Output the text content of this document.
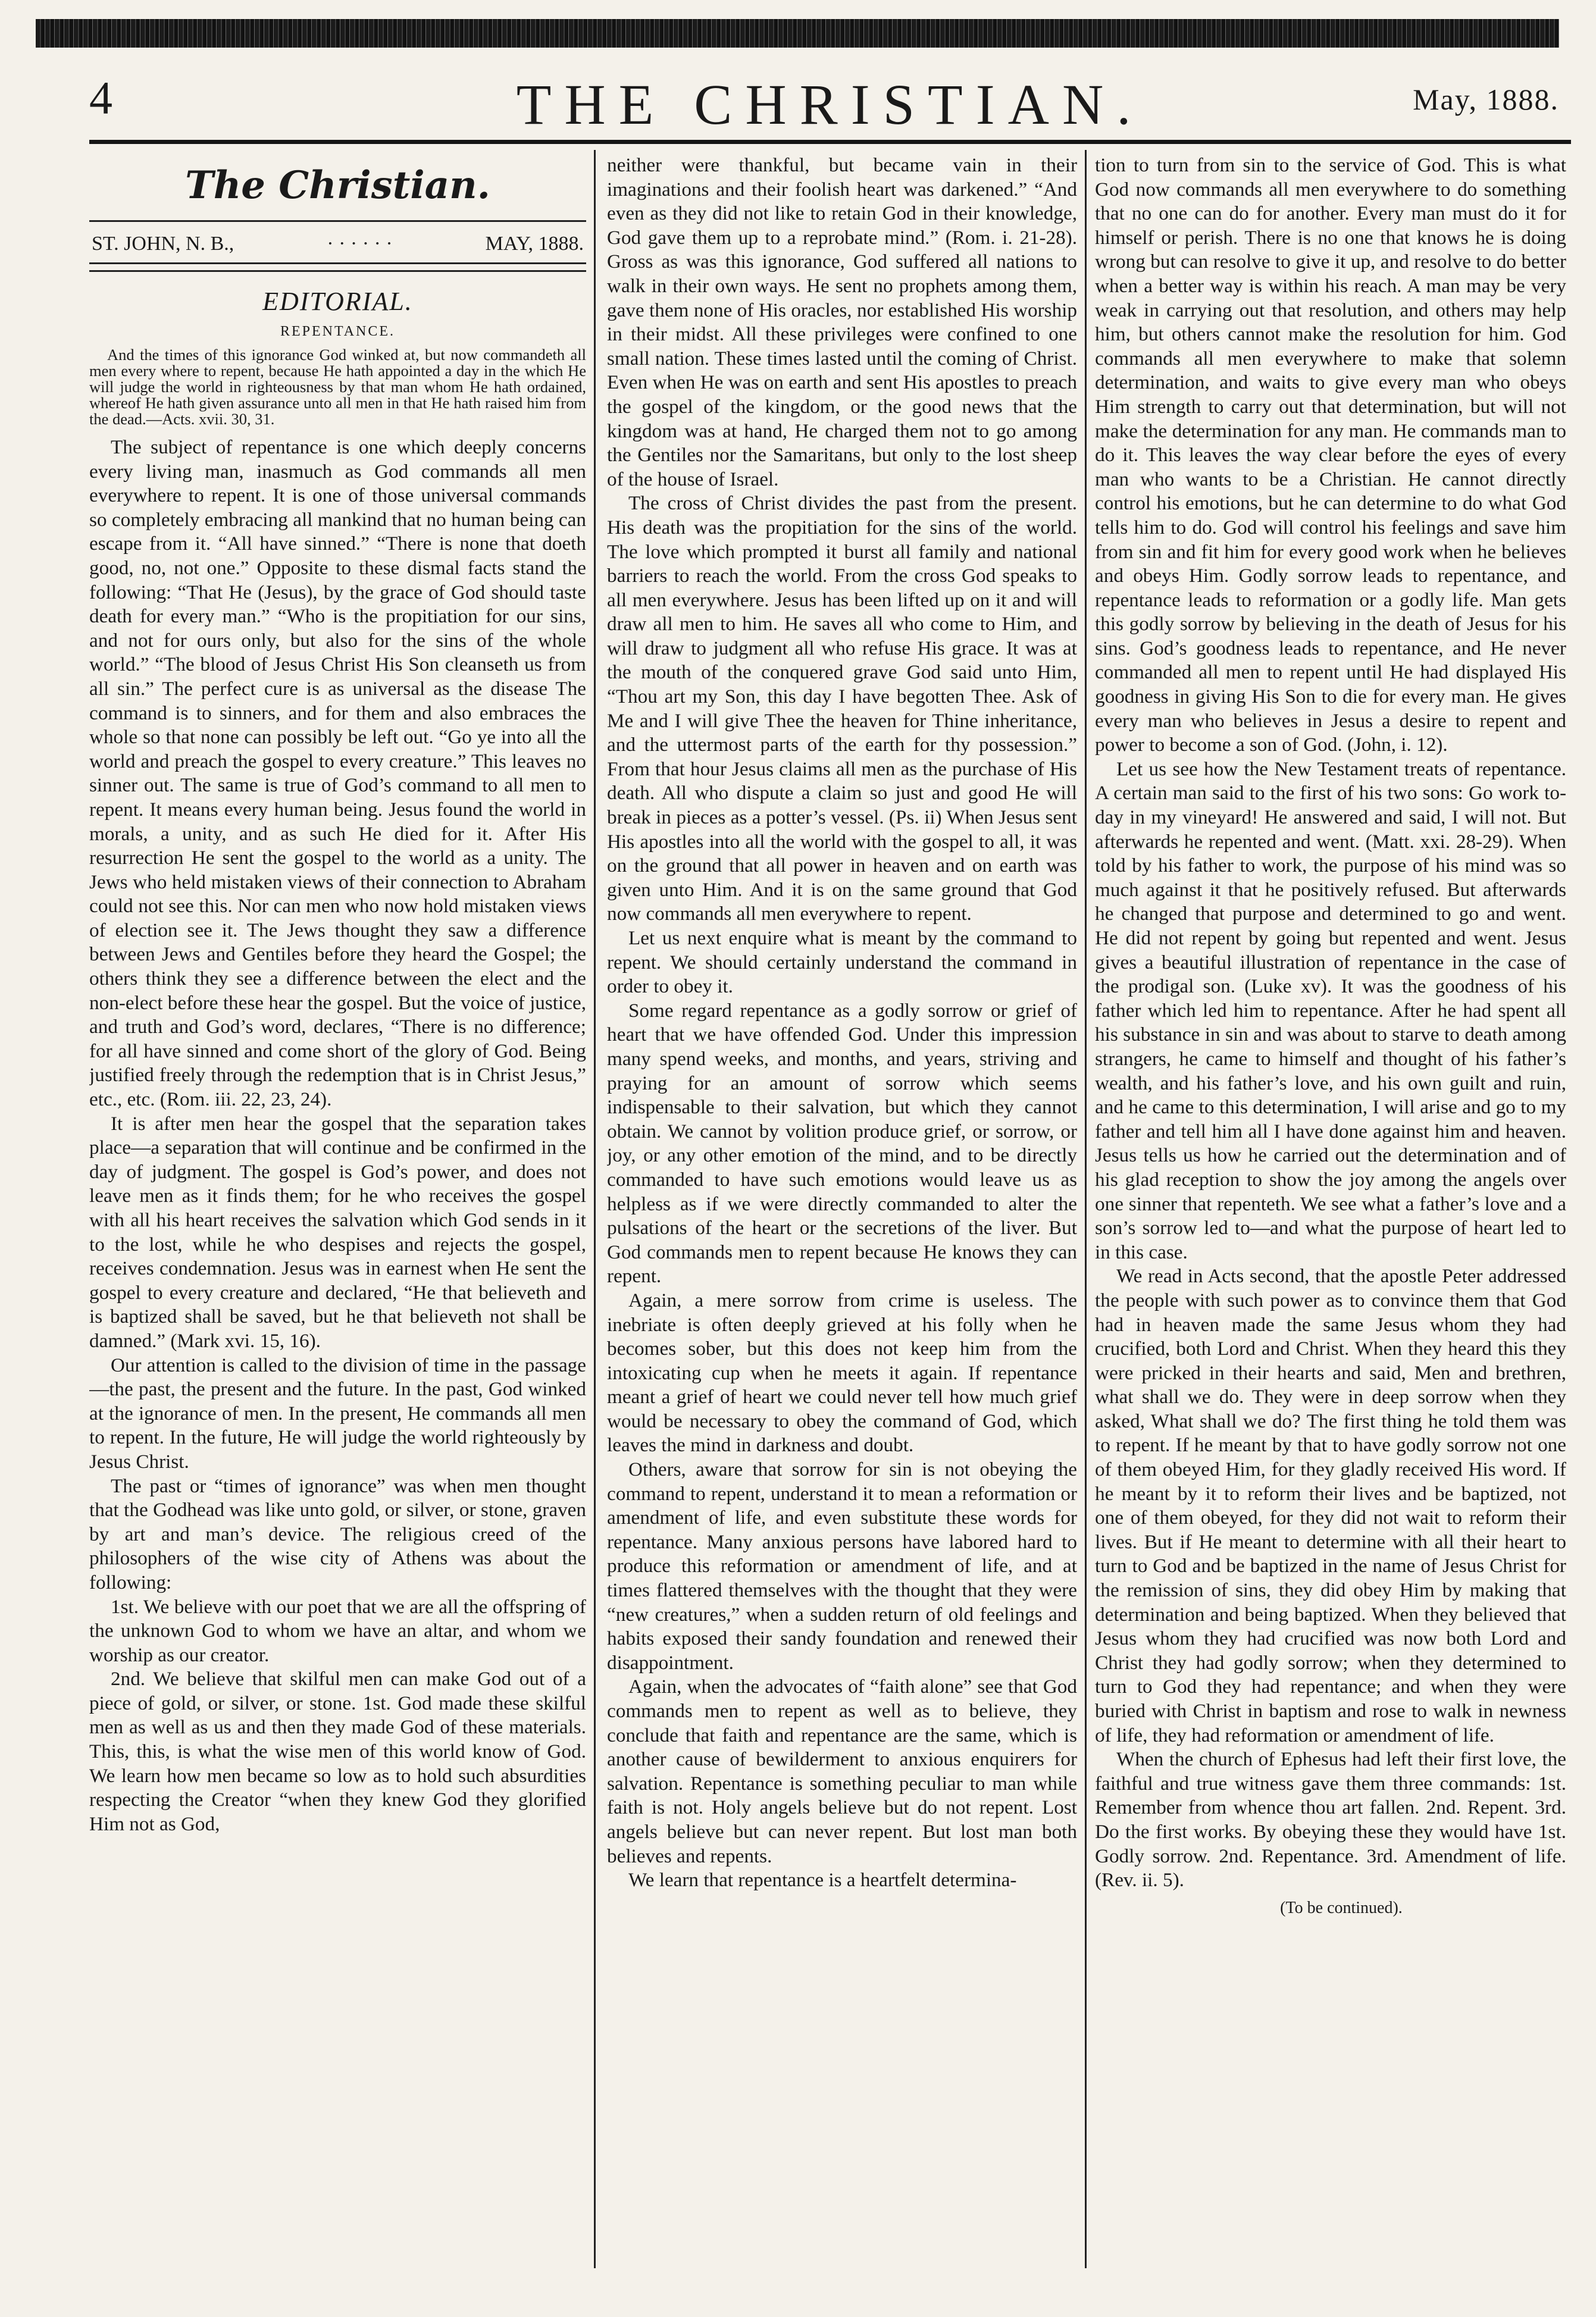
4	THE CHRISTIAN.	May, 1888.
The Christian.
ST. JOHN, N. B.,	· · · · · ·	MAY, 1888.
EDITORIAL.
REPENTANCE.

And the times of this ignorance God winked at, but now commandeth all men every where to repent, because He hath appointed a day in the which He will judge the world in righteousness by that man whom He hath ordained, whereof He hath given assurance unto all men in that He hath raised him from the dead.—Acts. xvii. 30, 31.

The subject of repentance is one which deeply concerns every living man, inasmuch as God commands all men everywhere to repent. It is one of those universal commands so completely embracing all mankind that no human being can escape from it. “All have sinned.” “There is none that doeth good, no, not one.” Opposite to these dismal facts stand the following: “That He (Jesus), by the grace of God should taste death for every man.” “Who is the propitiation for our sins, and not for ours only, but also for the sins of the whole world.” “The blood of Jesus Christ His Son cleanseth us from all sin.” The perfect cure is as universal as the disease The command is to sinners, and for them and also embraces the whole so that none can possibly be left out. “Go ye into all the world and preach the gospel to every creature.” This leaves no sinner out. The same is true of God’s command to all men to repent. It means every human being. Jesus found the world in morals, a unity, and as such He died for it. After His resurrection He sent the gospel to the world as a unity. The Jews who held mistaken views of their connection to Abraham could not see this. Nor can men who now hold mistaken views of election see it. The Jews thought they saw a difference between Jews and Gentiles before they heard the Gospel; the others think they see a difference between the elect and the non-elect before these hear the gospel. But the voice of justice, and truth and God’s word, declares, “There is no difference; for all have sinned and come short of the glory of God. Being justified freely through the redemption that is in Christ Jesus,” etc., etc. (Rom. iii. 22, 23, 24).

It is after men hear the gospel that the separation takes place—a separation that will continue and be confirmed in the day of judgment. The gospel is God’s power, and does not leave men as it finds them; for he who receives the gospel with all his heart receives the salvation which God sends in it to the lost, while he who despises and rejects the gospel, receives condemnation. Jesus was in earnest when He sent the gospel to every creature and declared, “He that believeth and is baptized shall be saved, but he that believeth not shall be damned.” (Mark xvi. 15, 16).

Our attention is called to the division of time in the passage—the past, the present and the future. In the past, God winked at the ignorance of men. In the present, He commands all men to repent. In the future, He will judge the world righteously by Jesus Christ.

The past or “times of ignorance” was when men thought that the Godhead was like unto gold, or silver, or stone, graven by art and man’s device. The religious creed of the philosophers of the wise city of Athens was about the following:

1st. We believe with our poet that we are all the offspring of the unknown God to whom we have an altar, and whom we worship as our creator.

2nd. We believe that skilful men can make God out of a piece of gold, or silver, or stone. 1st. God made these skilful men as well as us and then they made God of these materials. This, this, is what the wise men of this world know of God. We learn how men became so low as to hold such absurdities respecting the Creator “when they knew God they glorified Him not as God,

neither were thankful, but became vain in their imaginations and their foolish heart was darkened.” “And even as they did not like to retain God in their knowledge, God gave them up to a reprobate mind.” (Rom. i. 21-28). Gross as was this ignorance, God suffered all nations to walk in their own ways. He sent no prophets among them, gave them none of His oracles, nor established His worship in their midst. All these privileges were confined to one small nation. These times lasted until the coming of Christ. Even when He was on earth and sent His apostles to preach the gospel of the kingdom, or the good news that the kingdom was at hand, He charged them not to go among the Gentiles nor the Samaritans, but only to the lost sheep of the house of Israel.

The cross of Christ divides the past from the present. His death was the propitiation for the sins of the world. The love which prompted it burst all family and national barriers to reach the world. From the cross God speaks to all men everywhere. Jesus has been lifted up on it and will draw all men to him. He saves all who come to Him, and will draw to judgment all who refuse His grace. It was at the mouth of the conquered grave God said unto Him, “Thou art my Son, this day I have begotten Thee. Ask of Me and I will give Thee the heaven for Thine inheritance, and the uttermost parts of the earth for thy possession.” From that hour Jesus claims all men as the purchase of His death. All who dispute a claim so just and good He will break in pieces as a potter’s vessel. (Ps. ii) When Jesus sent His apostles into all the world with the gospel to all, it was on the ground that all power in heaven and on earth was given unto Him. And it is on the same ground that God now commands all men everywhere to repent.

Let us next enquire what is meant by the command to repent. We should certainly understand the command in order to obey it.

Some regard repentance as a godly sorrow or grief of heart that we have offended God. Under this impression many spend weeks, and months, and years, striving and praying for an amount of sorrow which seems indispensable to their salvation, but which they cannot obtain. We cannot by volition produce grief, or sorrow, or joy, or any other emotion of the mind, and to be directly commanded to have such emotions would leave us as helpless as if we were directly commanded to alter the pulsations of the heart or the secretions of the liver. But God commands men to repent because He knows they can repent.

Again, a mere sorrow from crime is useless. The inebriate is often deeply grieved at his folly when he becomes sober, but this does not keep him from the intoxicating cup when he meets it again. If repentance meant a grief of heart we could never tell how much grief would be necessary to obey the command of God, which leaves the mind in darkness and doubt.

Others, aware that sorrow for sin is not obeying the command to repent, understand it to mean a reformation or amendment of life, and even substitute these words for repentance. Many anxious persons have labored hard to produce this reformation or amendment of life, and at times flattered themselves with the thought that they were “new creatures,” when a sudden return of old feelings and habits exposed their sandy foundation and renewed their disappointment.

Again, when the advocates of “faith alone” see that God commands men to repent as well as to believe, they conclude that faith and repentance are the same, which is another cause of bewilderment to anxious enquirers for salvation. Repentance is something peculiar to man while faith is not. Holy angels believe but do not repent. Lost angels believe but can never repent. But lost man both believes and repents.

We learn that repentance is a heartfelt determina-

tion to turn from sin to the service of God. This is what God now commands all men everywhere to do something that no one can do for another. Every man must do it for himself or perish. There is no one that knows he is doing wrong but can resolve to give it up, and resolve to do better when a better way is within his reach. A man may be very weak in carrying out that resolution, and others may help him, but others cannot make the resolution for him. God commands all men everywhere to make that solemn determination, and waits to give every man who obeys Him strength to carry out that determination, but will not make the determination for any man. He commands man to do it. This leaves the way clear before the eyes of every man who wants to be a Christian. He cannot directly control his emotions, but he can determine to do what God tells him to do. God will control his feelings and save him from sin and fit him for every good work when he believes and obeys Him. Godly sorrow leads to repentance, and repentance leads to reformation or a godly life. Man gets this godly sorrow by believing in the death of Jesus for his sins. God’s goodness leads to repentance, and He never commanded all men to repent until He had displayed His goodness in giving His Son to die for every man. He gives every man who believes in Jesus a desire to repent and power to become a son of God. (John, i. 12).

Let us see how the New Testament treats of repentance. A certain man said to the first of his two sons: Go work to-day in my vineyard! He answered and said, I will not. But afterwards he repented and went. (Matt. xxi. 28-29). When told by his father to work, the purpose of his mind was so much against it that he positively refused. But afterwards he changed that purpose and determined to go and went. He did not repent by going but repented and went. Jesus gives a beautiful illustration of repentance in the case of the prodigal son. (Luke xv). It was the goodness of his father which led him to repentance. After he had spent all his substance in sin and was about to starve to death among strangers, he came to himself and thought of his father’s wealth, and his father’s love, and his own guilt and ruin, and he came to this determination, I will arise and go to my father and tell him all I have done against him and heaven. Jesus tells us how he carried out the determination and of his glad reception to show the joy among the angels over one sinner that repenteth. We see what a father’s love and a son’s sorrow led to—and what the purpose of heart led to in this case.

We read in Acts second, that the apostle Peter addressed the people with such power as to convince them that God had in heaven made the same Jesus whom they had crucified, both Lord and Christ. When they heard this they were pricked in their hearts and said, Men and brethren, what shall we do. They were in deep sorrow when they asked, What shall we do? The first thing he told them was to repent. If he meant by that to have godly sorrow not one of them obeyed Him, for they gladly received His word. If he meant by it to reform their lives and be baptized, not one of them obeyed, for they did not wait to reform their lives. But if He meant to determine with all their heart to turn to God and be baptized in the name of Jesus Christ for the remission of sins, they did obey Him by making that determination and being baptized. When they believed that Jesus whom they had crucified was now both Lord and Christ they had godly sorrow; when they determined to turn to God they had repentance; and when they were buried with Christ in baptism and rose to walk in newness of life, they had reformation or amendment of life.

When the church of Ephesus had left their first love, the faithful and true witness gave them three commands: 1st. Remember from whence thou art fallen. 2nd. Repent. 3rd. Do the first works. By obeying these they would have 1st. Godly sorrow. 2nd. Repentance. 3rd. Amendment of life. (Rev. ii. 5).

(To be continued).
